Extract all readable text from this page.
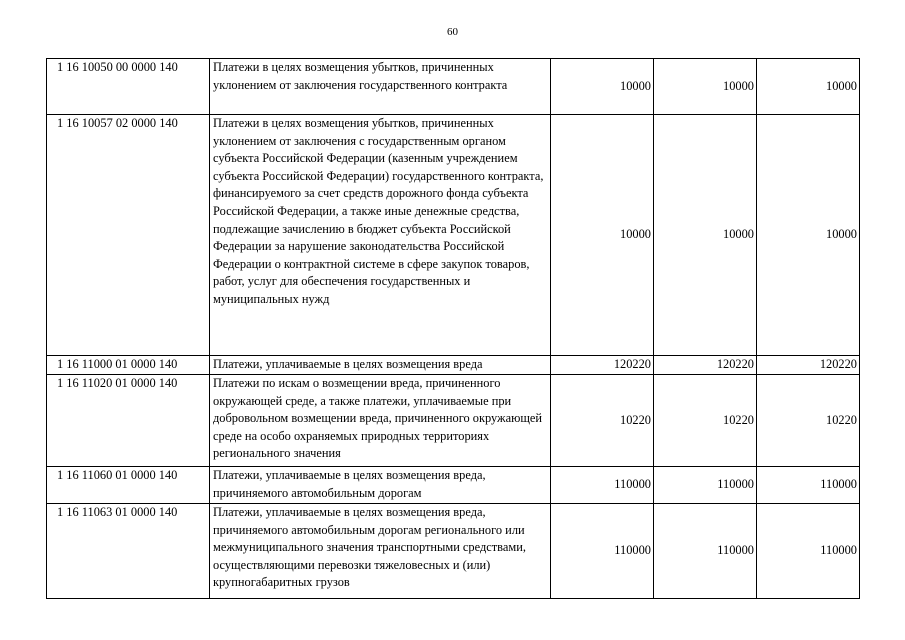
60
1 16 10050 00 0000 140	Платежи в целях возмещения убытков, причиненных уклонением от заключения государственного контракта	10000	10000	10000
1 16 10057 02 0000 140	Платежи в целях возмещения убытков, причиненных уклонением от заключения с государственным органом субъекта Российской Федерации (казенным учреждением субъекта Российской Федерации) государственного контракта, финансируемого за счет средств дорожного фонда субъекта Российской Федерации, а также иные денежные средства, подлежащие зачислению в бюджет субъекта Российской Федерации за нарушение законодательства Российской Федерации о контрактной системе в сфере закупок товаров, работ, услуг для обеспечения государственных и муниципальных нужд	10000	10000	10000
1 16 11000 01 0000 140	Платежи, уплачиваемые в целях возмещения вреда	120220	120220	120220
1 16 11020 01 0000 140	Платежи по искам о возмещении вреда, причиненного окружающей среде, а также платежи, уплачиваемые при добровольном возмещении вреда, причиненного окружающей среде на особо охраняемых природных территориях регионального значения	10220	10220	10220
1 16 11060 01 0000 140	Платежи, уплачиваемые в целях возмещения вреда, причиняемого автомобильным дорогам	110000	110000	110000
1 16 11063 01 0000 140	Платежи, уплачиваемые в целях возмещения вреда, причиняемого автомобильным дорогам регионального или межмуниципального значения транспортными средствами, осуществляющими перевозки тяжеловесных и (или) крупногабаритных грузов	110000	110000	110000
